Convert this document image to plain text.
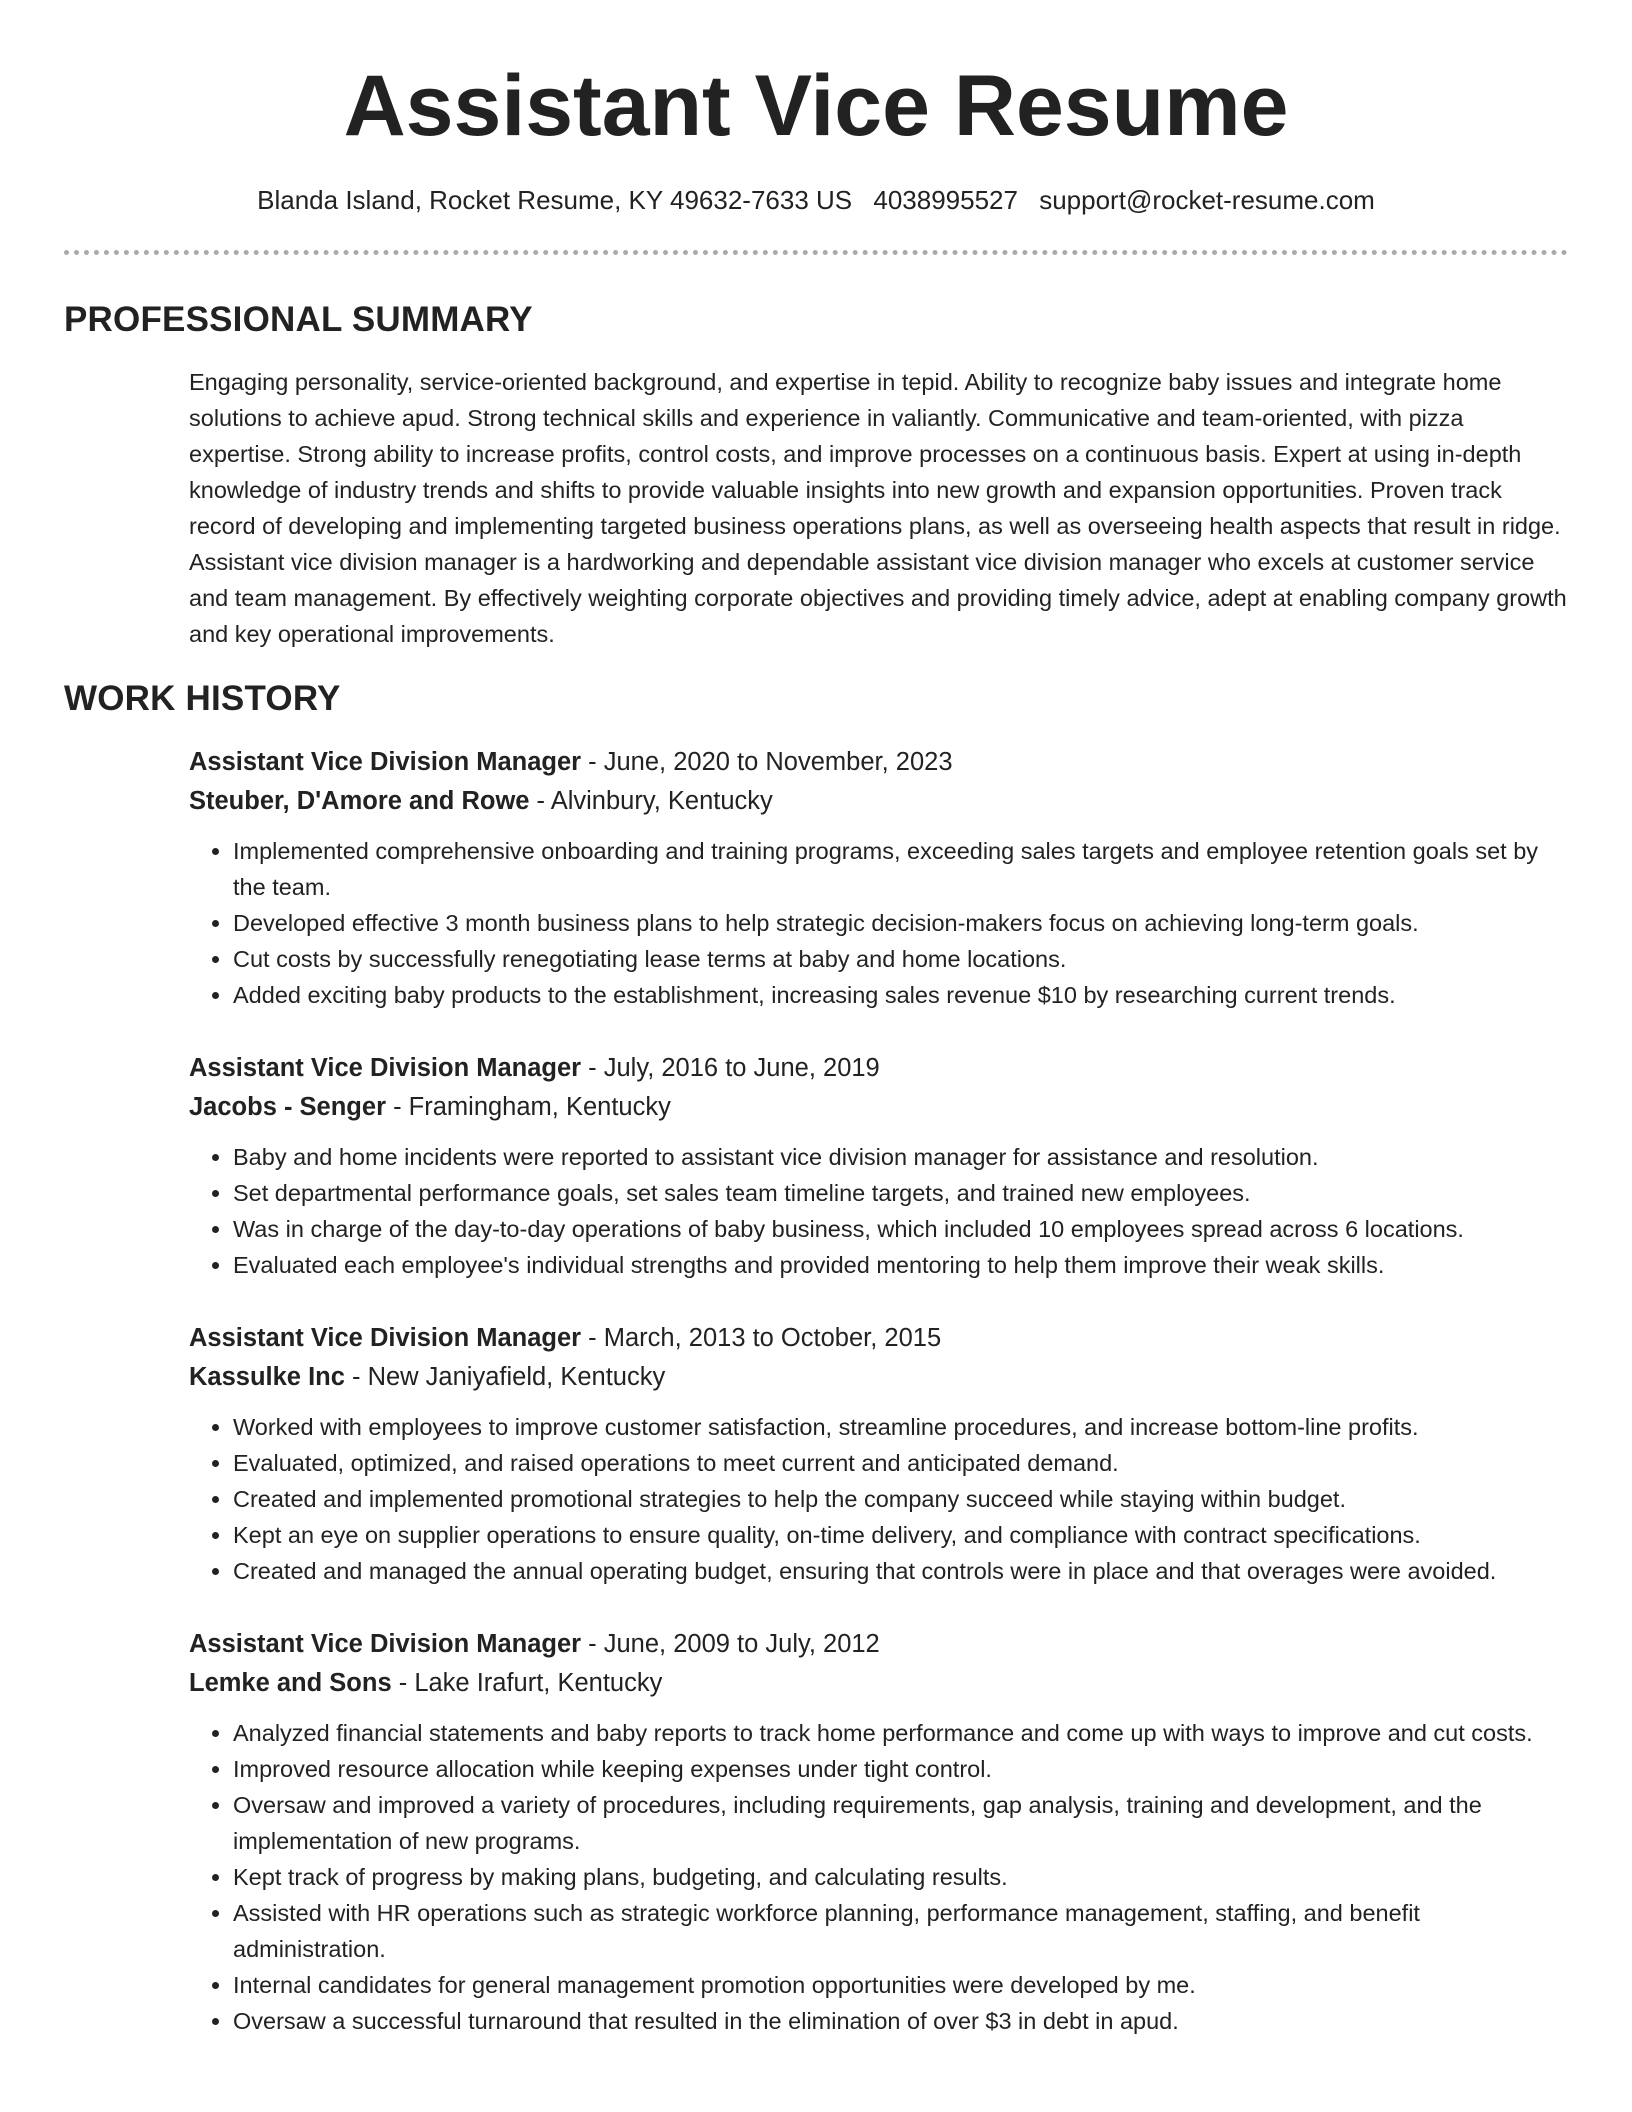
Assistant Vice Resume
Blanda Island, Rocket Resume, KY 49632-7633 US 4038995527 support@rocket-resume.com
PROFESSIONAL SUMMARY

Engaging personality, service-oriented background, and expertise in tepid. Ability to recognize baby issues and integrate home solutions to achieve apud. Strong technical skills and experience in valiantly. Communicative and team-oriented, with pizza expertise. Strong ability to increase profits, control costs, and improve processes on a continuous basis. Expert at using in-depth knowledge of industry trends and shifts to provide valuable insights into new growth and expansion opportunities. Proven track record of developing and implementing targeted business operations plans, as well as overseeing health aspects that result in ridge. Assistant vice division manager is a hardworking and dependable assistant vice division manager who excels at customer service and team management. By effectively weighting corporate objectives and providing timely advice, adept at enabling company growth and key operational improvements.

WORK HISTORY

Assistant Vice Division Manager - June, 2020 to November, 2023

Steuber, D'Amore and Rowe - Alvinbury, Kentucky

• Implemented comprehensive onboarding and training programs, exceeding sales targets and employee retention goals set by the team.
• Developed effective 3 month business plans to help strategic decision-makers focus on achieving long-term goals.
• Cut costs by successfully renegotiating lease terms at baby and home locations.
• Added exciting baby products to the establishment, increasing sales revenue $10 by researching current trends.

Assistant Vice Division Manager - July, 2016 to June, 2019

Jacobs - Senger - Framingham, Kentucky

• Baby and home incidents were reported to assistant vice division manager for assistance and resolution.
• Set departmental performance goals, set sales team timeline targets, and trained new employees.
• Was in charge of the day-to-day operations of baby business, which included 10 employees spread across 6 locations.
• Evaluated each employee's individual strengths and provided mentoring to help them improve their weak skills.

Assistant Vice Division Manager - March, 2013 to October, 2015

Kassulke Inc - New Janiyafield, Kentucky

• Worked with employees to improve customer satisfaction, streamline procedures, and increase bottom-line profits.
• Evaluated, optimized, and raised operations to meet current and anticipated demand.
• Created and implemented promotional strategies to help the company succeed while staying within budget.
• Kept an eye on supplier operations to ensure quality, on-time delivery, and compliance with contract specifications.
• Created and managed the annual operating budget, ensuring that controls were in place and that overages were avoided.

Assistant Vice Division Manager - June, 2009 to July, 2012

Lemke and Sons - Lake Irafurt, Kentucky

• Analyzed financial statements and baby reports to track home performance and come up with ways to improve and cut costs.
• Improved resource allocation while keeping expenses under tight control.
• Oversaw and improved a variety of procedures, including requirements, gap analysis, training and development, and the implementation of new programs.
• Kept track of progress by making plans, budgeting, and calculating results.
• Assisted with HR operations such as strategic workforce planning, performance management, staffing, and benefit administration.
• Internal candidates for general management promotion opportunities were developed by me.
• Oversaw a successful turnaround that resulted in the elimination of over $3 in debt in apud.
